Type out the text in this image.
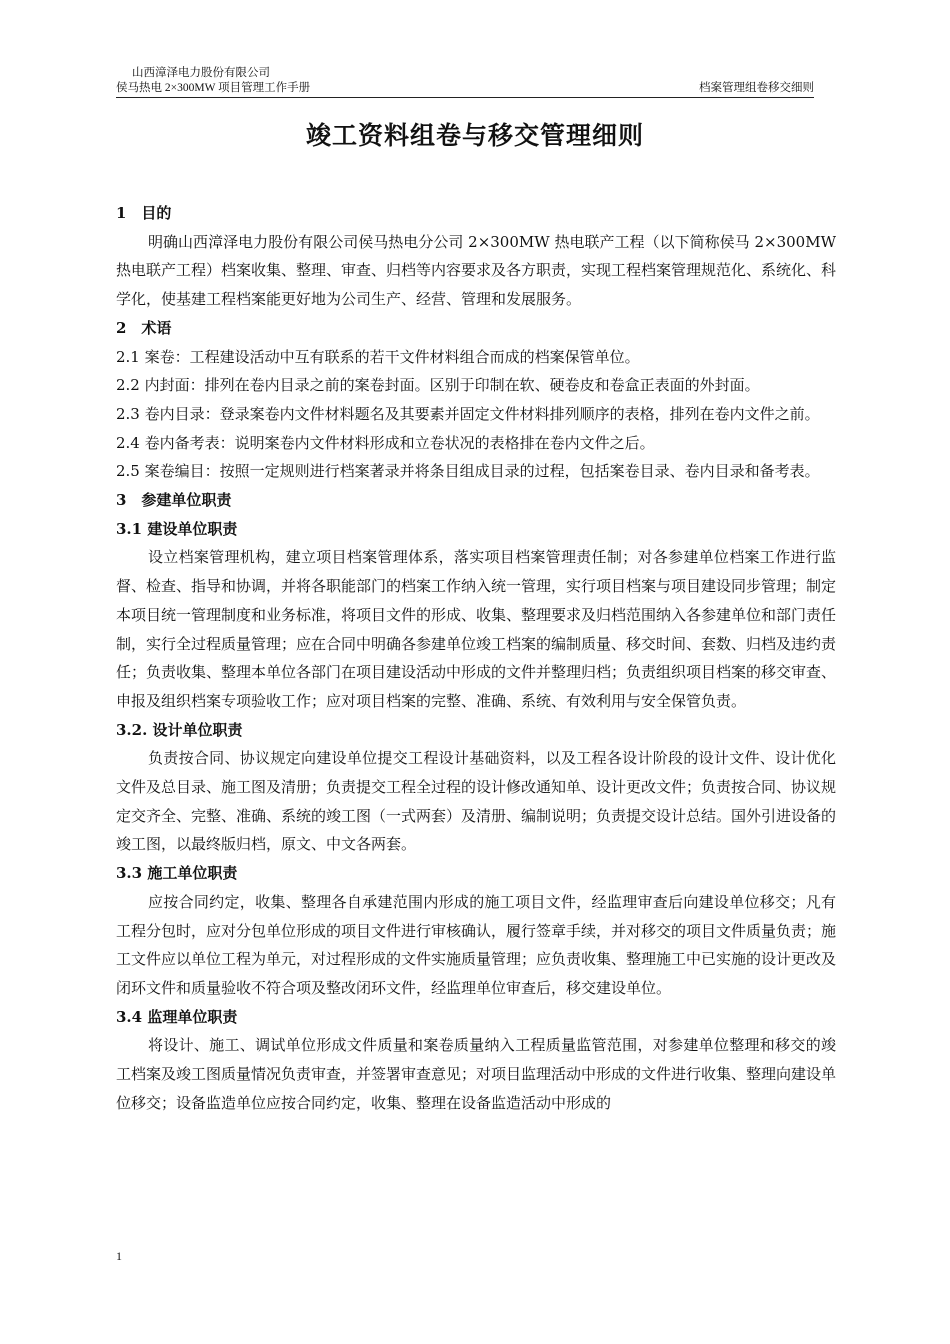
山西漳泽电力股份有限公司
侯马热电 2×300MW 项目管理工作手册	档案管理组卷移交细则
竣工资料组卷与移交管理细则

1　目的

明确山西漳泽电力股份有限公司侯马热电分公司 2×300MW 热电联产工程（以下简称侯马 2×300MW 热电联产工程）档案收集、整理、审查、归档等内容要求及各方职责，实现工程档案管理规范化、系统化、科学化，使基建工程档案能更好地为公司生产、经营、管理和发展服务。

2　术语

2.1 案卷：工程建设活动中互有联系的若干文件材料组合而成的档案保管单位。

2.2 内封面：排列在卷内目录之前的案卷封面。区别于印制在软、硬卷皮和卷盒正表面的外封面。

2.3 卷内目录：登录案卷内文件材料题名及其要素并固定文件材料排列顺序的表格，排列在卷内文件之前。

2.4 卷内备考表：说明案卷内文件材料形成和立卷状况的表格排在卷内文件之后。

2.5 案卷编目：按照一定规则进行档案著录并将条目组成目录的过程，包括案卷目录、卷内目录和备考表。

3　参建单位职责

3.1 建设单位职责

设立档案管理机构，建立项目档案管理体系，落实项目档案管理责任制；对各参建单位档案工作进行监督、检查、指导和协调，并将各职能部门的档案工作纳入统一管理，实行项目档案与项目建设同步管理；制定本项目统一管理制度和业务标准，将项目文件的形成、收集、整理要求及归档范围纳入各参建单位和部门责任制，实行全过程质量管理；应在合同中明确各参建单位竣工档案的编制质量、移交时间、套数、归档及违约责任；负责收集、整理本单位各部门在项目建设活动中形成的文件并整理归档；负责组织项目档案的移交审查、申报及组织档案专项验收工作；应对项目档案的完整、准确、系统、有效利用与安全保管负责。

3.2. 设计单位职责

负责按合同、协议规定向建设单位提交工程设计基础资料，以及工程各设计阶段的设计文件、设计优化文件及总目录、施工图及清册；负责提交工程全过程的设计修改通知单、设计更改文件；负责按合同、协议规定交齐全、完整、准确、系统的竣工图（一式两套）及清册、编制说明；负责提交设计总结。国外引进设备的竣工图，以最终版归档，原文、中文各两套。

3.3 施工单位职责

应按合同约定，收集、整理各自承建范围内形成的施工项目文件，经监理审查后向建设单位移交；凡有工程分包时，应对分包单位形成的项目文件进行审核确认，履行签章手续，并对移交的项目文件质量负责；施工文件应以单位工程为单元，对过程形成的文件实施质量管理；应负责收集、整理施工中已实施的设计更改及闭环文件和质量验收不符合项及整改闭环文件，经监理单位审查后，移交建设单位。

3.4 监理单位职责

将设计、施工、调试单位形成文件质量和案卷质量纳入工程质量监管范围，对参建单位整理和移交的竣工档案及竣工图质量情况负责审查，并签署审查意见；对项目监理活动中形成的文件进行收集、整理向建设单位移交；设备监造单位应按合同约定，收集、整理在设备监造活动中形成的

1
